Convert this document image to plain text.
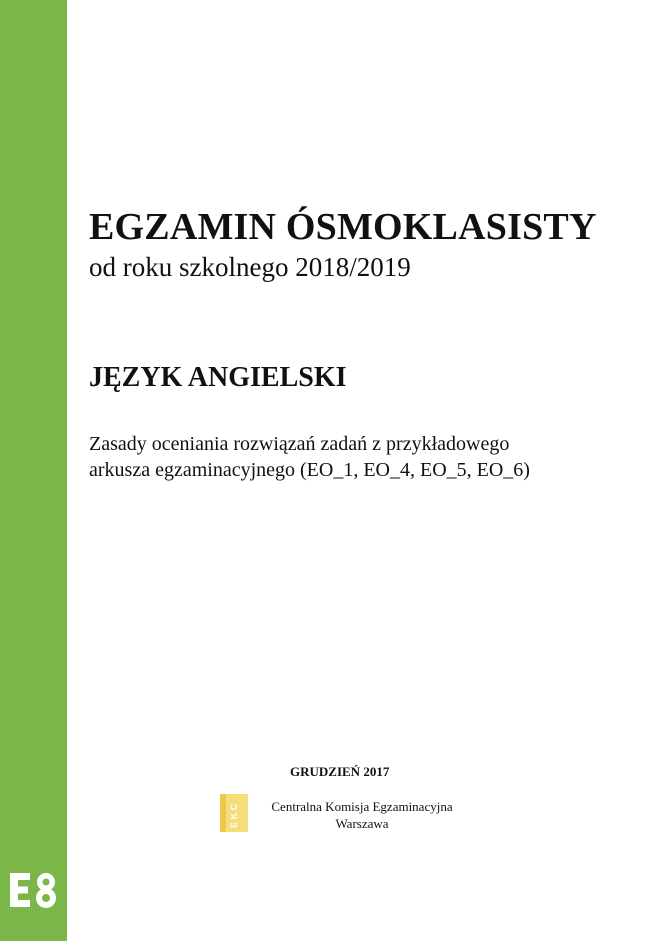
EGZAMIN ÓSMOKLASISTY
od roku szkolnego 2018/2019
JĘZYK ANGIELSKI

Zasady oceniania rozwiązań zadań z przykładowego
arkusza egzaminacyjnego (EO_1, EO_4, EO_5, EO_6)

GRUDZIEŃ 2017
C
K
E
Centralna Komisja Egzaminacyjna
Warszawa
